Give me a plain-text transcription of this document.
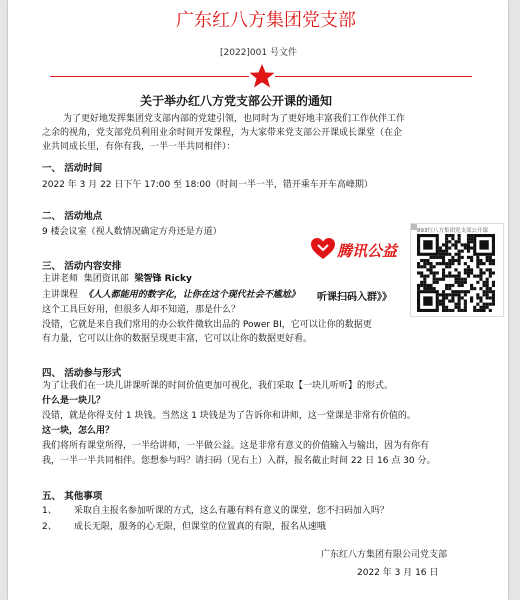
广东红八方集团党支部
[2022]001 号文件
关于举办红八方党支部公开课的通知
为了更好地发挥集团党支部内部的党建引领，也同时为了更好地丰富我们工作伙伴工作
之余的视角，党支部党员利用业余时间开发课程，为大家带来党支部公开课成长课堂（在企
业共同成长里，有你有我，一半一半共同相伴）：
一、 活动时间
2022 年 3 月 22 日下午 17:00 至 18:00（时间一半一半，错开乘车开车高峰期）
二、 活动地点
9 楼会议室（视人数情况确定方舟还是方道）
三、 活动内容安排
主讲老师 集团资讯部 梁智锋 Ricky
主讲课程 《人人都能用的数字化，让你在这个现代社会不尴尬》
这个工具巨好用，但很多人却不知道，那是什么？
没错，它就是来自我们常用的办公软件微软出品的 Power BI，它可以让你的数据更
有力量，它可以让你的数据呈现更丰富，它可以让你的数据更好看。
四、 活动参与形式
为了让我们在一块儿讲课听课的时间价值更加可视化，我们采取【一块儿听听】的形式。
什么是一块儿？
没错，就是你得支付 1 块钱。当然这 1 块钱是为了告诉你和讲师，这一堂课是非常有价值的。
这一块，怎么用？
我们将所有课堂所得，一半给讲师，一半做公益。这是非常有意义的价值输入与输出，因为有你有
我，一半一半共同相伴。您想参与吗？请扫码（见右上）入群，报名截止时间 22 日 16 点 30 分。
五、 其他事项
1、 采取自主报名参加听课的方式，这么有趣有料有意义的课堂，您不扫码加入吗？
2、 成长无限，服务的心无限，但课堂的位置真的有限，报名从速哦
广东红八方集团有限公司党支部
2022 年 3 月 16 日
腾讯公益
893红八方集团党支部公开课
听课扫码入群》》
